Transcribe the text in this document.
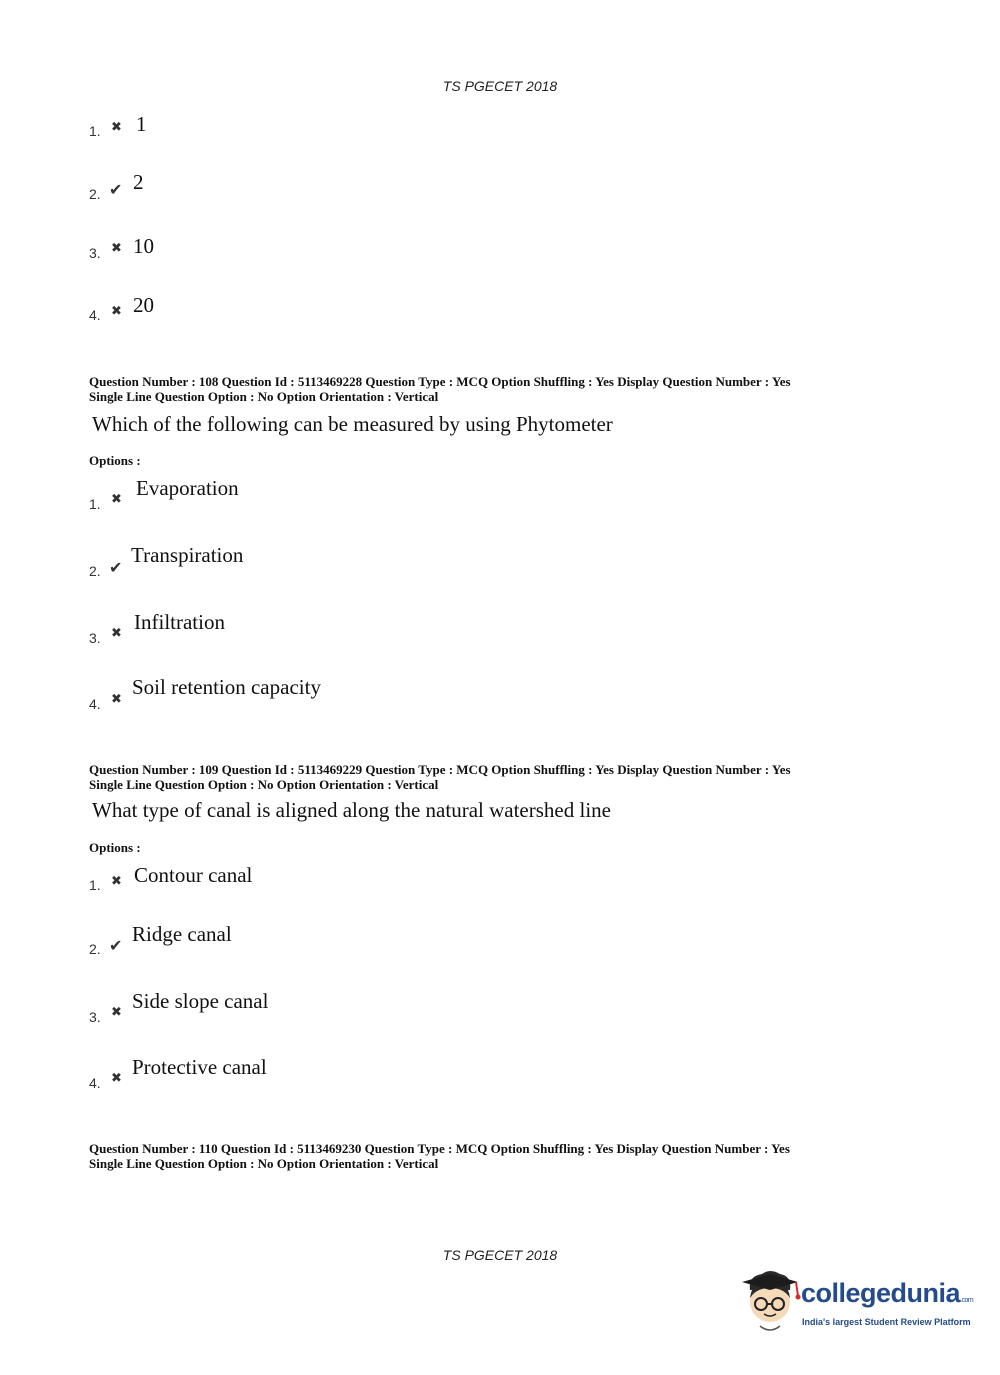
TS PGECET 2018
1. ✖ 1
2. ✔ 2
3. ✖ 10
4. ✖ 20
Question Number : 108 Question Id : 5113469228 Question Type : MCQ Option Shuffling : Yes Display Question Number : Yes
Single Line Question Option : No Option Orientation : Vertical
Which of the following can be measured by using Phytometer
Options :
1. ✖ Evaporation
2. ✔
Transpiration
3. ✖ Infiltration
4. ✖
Soil retention capacity
Question Number : 109 Question Id : 5113469229 Question Type : MCQ Option Shuffling : Yes Display Question Number : Yes
Single Line Question Option : No Option Orientation : Vertical
What type of canal is aligned along the natural watershed line
Options :
1. ✖ Contour canal
2. ✔ Ridge canal
3. ✖ Side slope canal
4. ✖ Protective canal
Question Number : 110 Question Id : 5113469230 Question Type : MCQ Option Shuffling : Yes Display Question Number : Yes
Single Line Question Option : No Option Orientation : Vertical
TS PGECET 2018
collegedunia.com
India's largest Student Review Platform
